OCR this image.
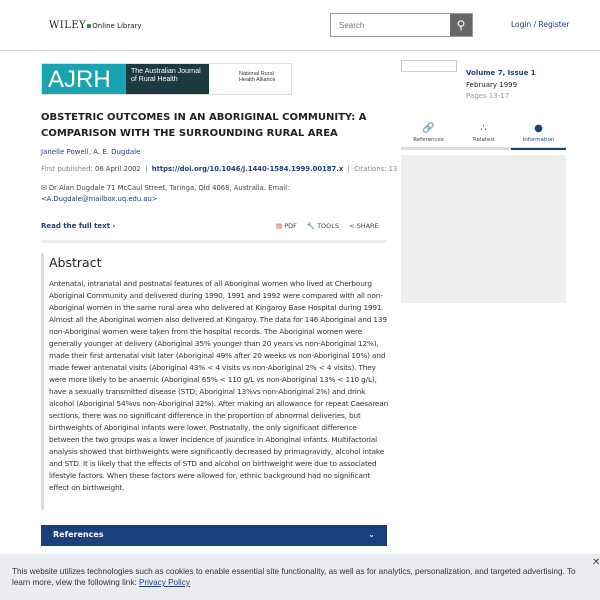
WILEY Online Library
Search	⚲	Login / Register
AJRH	The Australian Journal of Rural Health
National Rural Health Alliance
OBSTETRIC OUTCOMES IN AN ABORIGINAL COMMUNITY: A COMPARISON WITH THE SURROUNDING RURAL AREA
Janelle Powell, A. E. Dugdale
First published: 06 April 2002  |  https://doi.org/10.1046/j.1440-1584.1999.00187.x  |  Citations: 13
✉ Dr Alan Dugdale 71 McCaul Street, Taringa, Qld 4068, Australia. Email:
<A.Dugdale@mailbox.uq.edu.au>
Read the full text ›	▤ PDF 🔧 TOOLS < SHARE
Abstract

Antenatal, intranatal and postnatal features of all Aboriginal women who lived at Cherbourg Aboriginal Community and delivered during 1990, 1991 and 1992 were compared with all non-Aboriginal women in the same rural area who delivered at Kingaroy Base Hospital during 1991. Almost all the Aboriginal women also delivered at Kingaroy. The data for 146 Aboriginal and 139 non-Aboriginal women were taken from the hospital records. The Aboriginal women were generally younger at delivery (Aboriginal 35% younger than 20 years vs non-Aboriginal 12%), made their first antenatal visit later (Aboriginal 49% after 20 weeks vs non-Aboriginal 10%) and made fewer antenatal visits (Aboriginal 43% < 4 visits vs non-Aboriginal 2% < 4 visits). They were more likely to be anaemic (Aboriginal 65% < 110 g/L vs non-Aboriginal 13% < 110 g/L), have a sexually transmitted disease (STD; Aboriginal 13%vs non-Aboriginal 2%) and drink alcohol (Aboriginal 54%vs non-Aboriginal 32%). After making an allowance for repeat Caesarean sections, there was no significant difference in the proportion of abnormal deliveries, but birthweights of Aboriginal infants were lower. Postnatally, the only significant difference between the two groups was a lower incidence of jaundice in Aboriginal infants. Multifactorial analysis showed that birthweights were significantly decreased by primagravidy, alcohol intake and STD. It is likely that the effects of STD and alcohol on birthweight were due to associated lifestyle factors. When these factors were allowed for, ethnic background had no significant effect on birthweight.

References	⌄
Volume 7, Issue 1
February 1999
Pages 13-17
🔗
References
∴
Related
●
Information
This website utilizes technologies such as cookies to enable essential site functionality, as well as for analytics, personalization, and targeted advertising. To learn more, view the following link: Privacy Policy
✕
